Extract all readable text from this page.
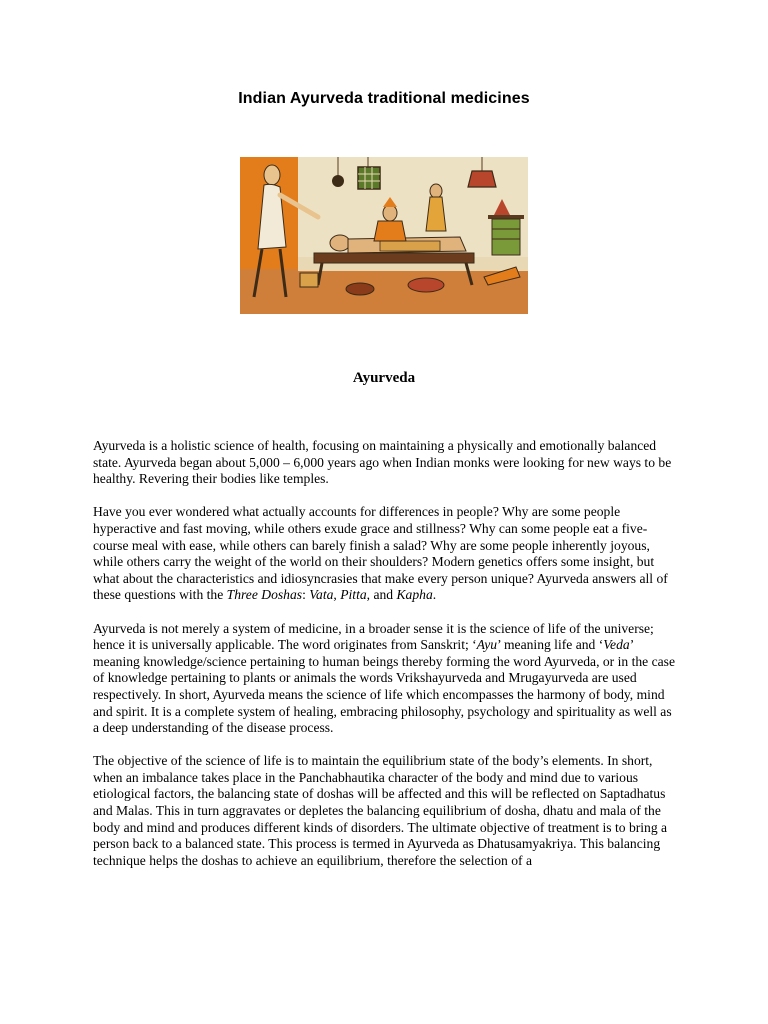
Indian Ayurveda traditional medicines
Ayurveda

Ayurveda is a holistic science of health, focusing on maintaining a physically and emotionally balanced state. Ayurveda began about 5,000 – 6,000 years ago when Indian monks were looking for new ways to be healthy. Revering their bodies like temples.

Have you ever wondered what actually accounts for differences in people? Why are some people hyperactive and fast moving, while others exude grace and stillness? Why can some people eat a five-course meal with ease, while others can barely finish a salad? Why are some people inherently joyous, while others carry the weight of the world on their shoulders? Modern genetics offers some insight, but what about the characteristics and idiosyncrasies that make every person unique? Ayurveda answers all of these questions with the Three Doshas: Vata, Pitta, and Kapha.

Ayurveda is not merely a system of medicine, in a broader sense it is the science of life of the universe; hence it is universally applicable. The word originates from Sanskrit; ‘Ayu’ meaning life and ‘Veda’ meaning knowledge/science pertaining to human beings thereby forming the word Ayurveda, or in the case of knowledge pertaining to plants or animals the words Vrikshayurveda and Mrugayurveda are used respectively. In short, Ayurveda means the science of life which encompasses the harmony of body, mind and spirit. It is a complete system of healing, embracing philosophy, psychology and spirituality as well as a deep understanding of the disease process.

The objective of the science of life is to maintain the equilibrium state of the body’s elements. In short, when an imbalance takes place in the Panchabhautika character of the body and mind due to various etiological factors, the balancing state of doshas will be affected and this will be reflected on Saptadhatus and Malas. This in turn aggravates or depletes the balancing equilibrium of dosha, dhatu and mala of the body and mind and produces different kinds of disorders. The ultimate objective of treatment is to bring a person back to a balanced state. This process is termed in Ayurveda as Dhatusamyakriya. This balancing technique helps the doshas to achieve an equilibrium, therefore the selection of a
